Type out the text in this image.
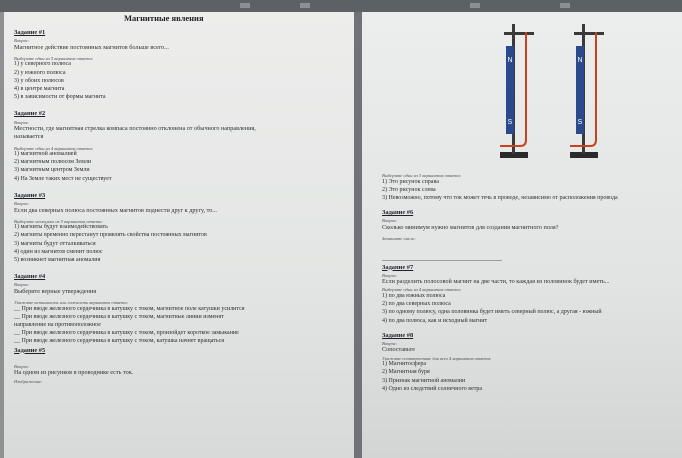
Магнитные явления
Задание #1
Вопрос:
Магнитное действие постоянных магнитов больше всего...
Выберите один из 5 вариантов ответа:
1) у северного полюса
2) у южного полюса
3) у обоих полюсов
4) в центре магнита
5) в зависимости от формы магнита
Задание #2
Вопрос:
Местности, где магнитная стрелка компаса постоянно отклонена от обычного направления,
называется
Выберите один из 4 вариантов ответа:
1) магнитной аномалией
2) магнитным полюсом Земли
3) магнитным центром Земли
4) На Земле таких мест не существует
Задание #3
Вопрос:
Если два северных полюса постоянных магнитов поднести друг к другу, то...
Выберите несколько из 5 вариантов ответа:
1) магниты будут взаимодействовать
2) магниты временно перестанут проявлять свойства постоянных магнитов
3) магниты будут отталкиваться
4) один из магнитов сменит полюс
5) возникнет магнитная аномалия
Задание #4
Вопрос:
Выберите верные утверждения
Укажите истинность или ложность вариантов ответа:
__ При вводе железного сердечника в катушку с током, магнитное поле катушки усилится
__ При вводе железного сердечника в катушку с током, магнитные линии изменят
направление на противоположное
__ При вводе железного сердечника в катушку с током, произойдет короткое замыкание
__ При вводе железного сердечника в катушку с током, катушка начнет вращаться
Задание #5
Вопрос:
На одном из рисунков в проводнике есть ток.
Изображение:
N
S
N
S
Выберите один из 3 вариантов ответа:
1) Это рисунок справа
2) Это рисунок слева
3) Невозможно, потому что ток может течь в проводе, независимо от расположения провода
Задание #6
Вопрос:
Сколько минимум нужно магнитов для создания магнитного поля?
Запишите число:
Задание #7
Вопрос:
Если разделить полосовой магнит на две части, то каждая из половинок будет иметь...
Выберите один из 4 вариантов ответа:
1) по два южных полюса
2) по два северных полюса
3) по одному полюсу, одна половинка будет иметь северный полюс, а другая - южный
4) по два полюса, как и исходный магнит
Задание #8
Вопрос:
Сопоставьте
Укажите соответствие для всех 4 вариантов ответа:
1) Магнитосфера
2) Магнитная буря
3) Признак магнитной аномалии
4) Одно из следствий солнечного ветра
